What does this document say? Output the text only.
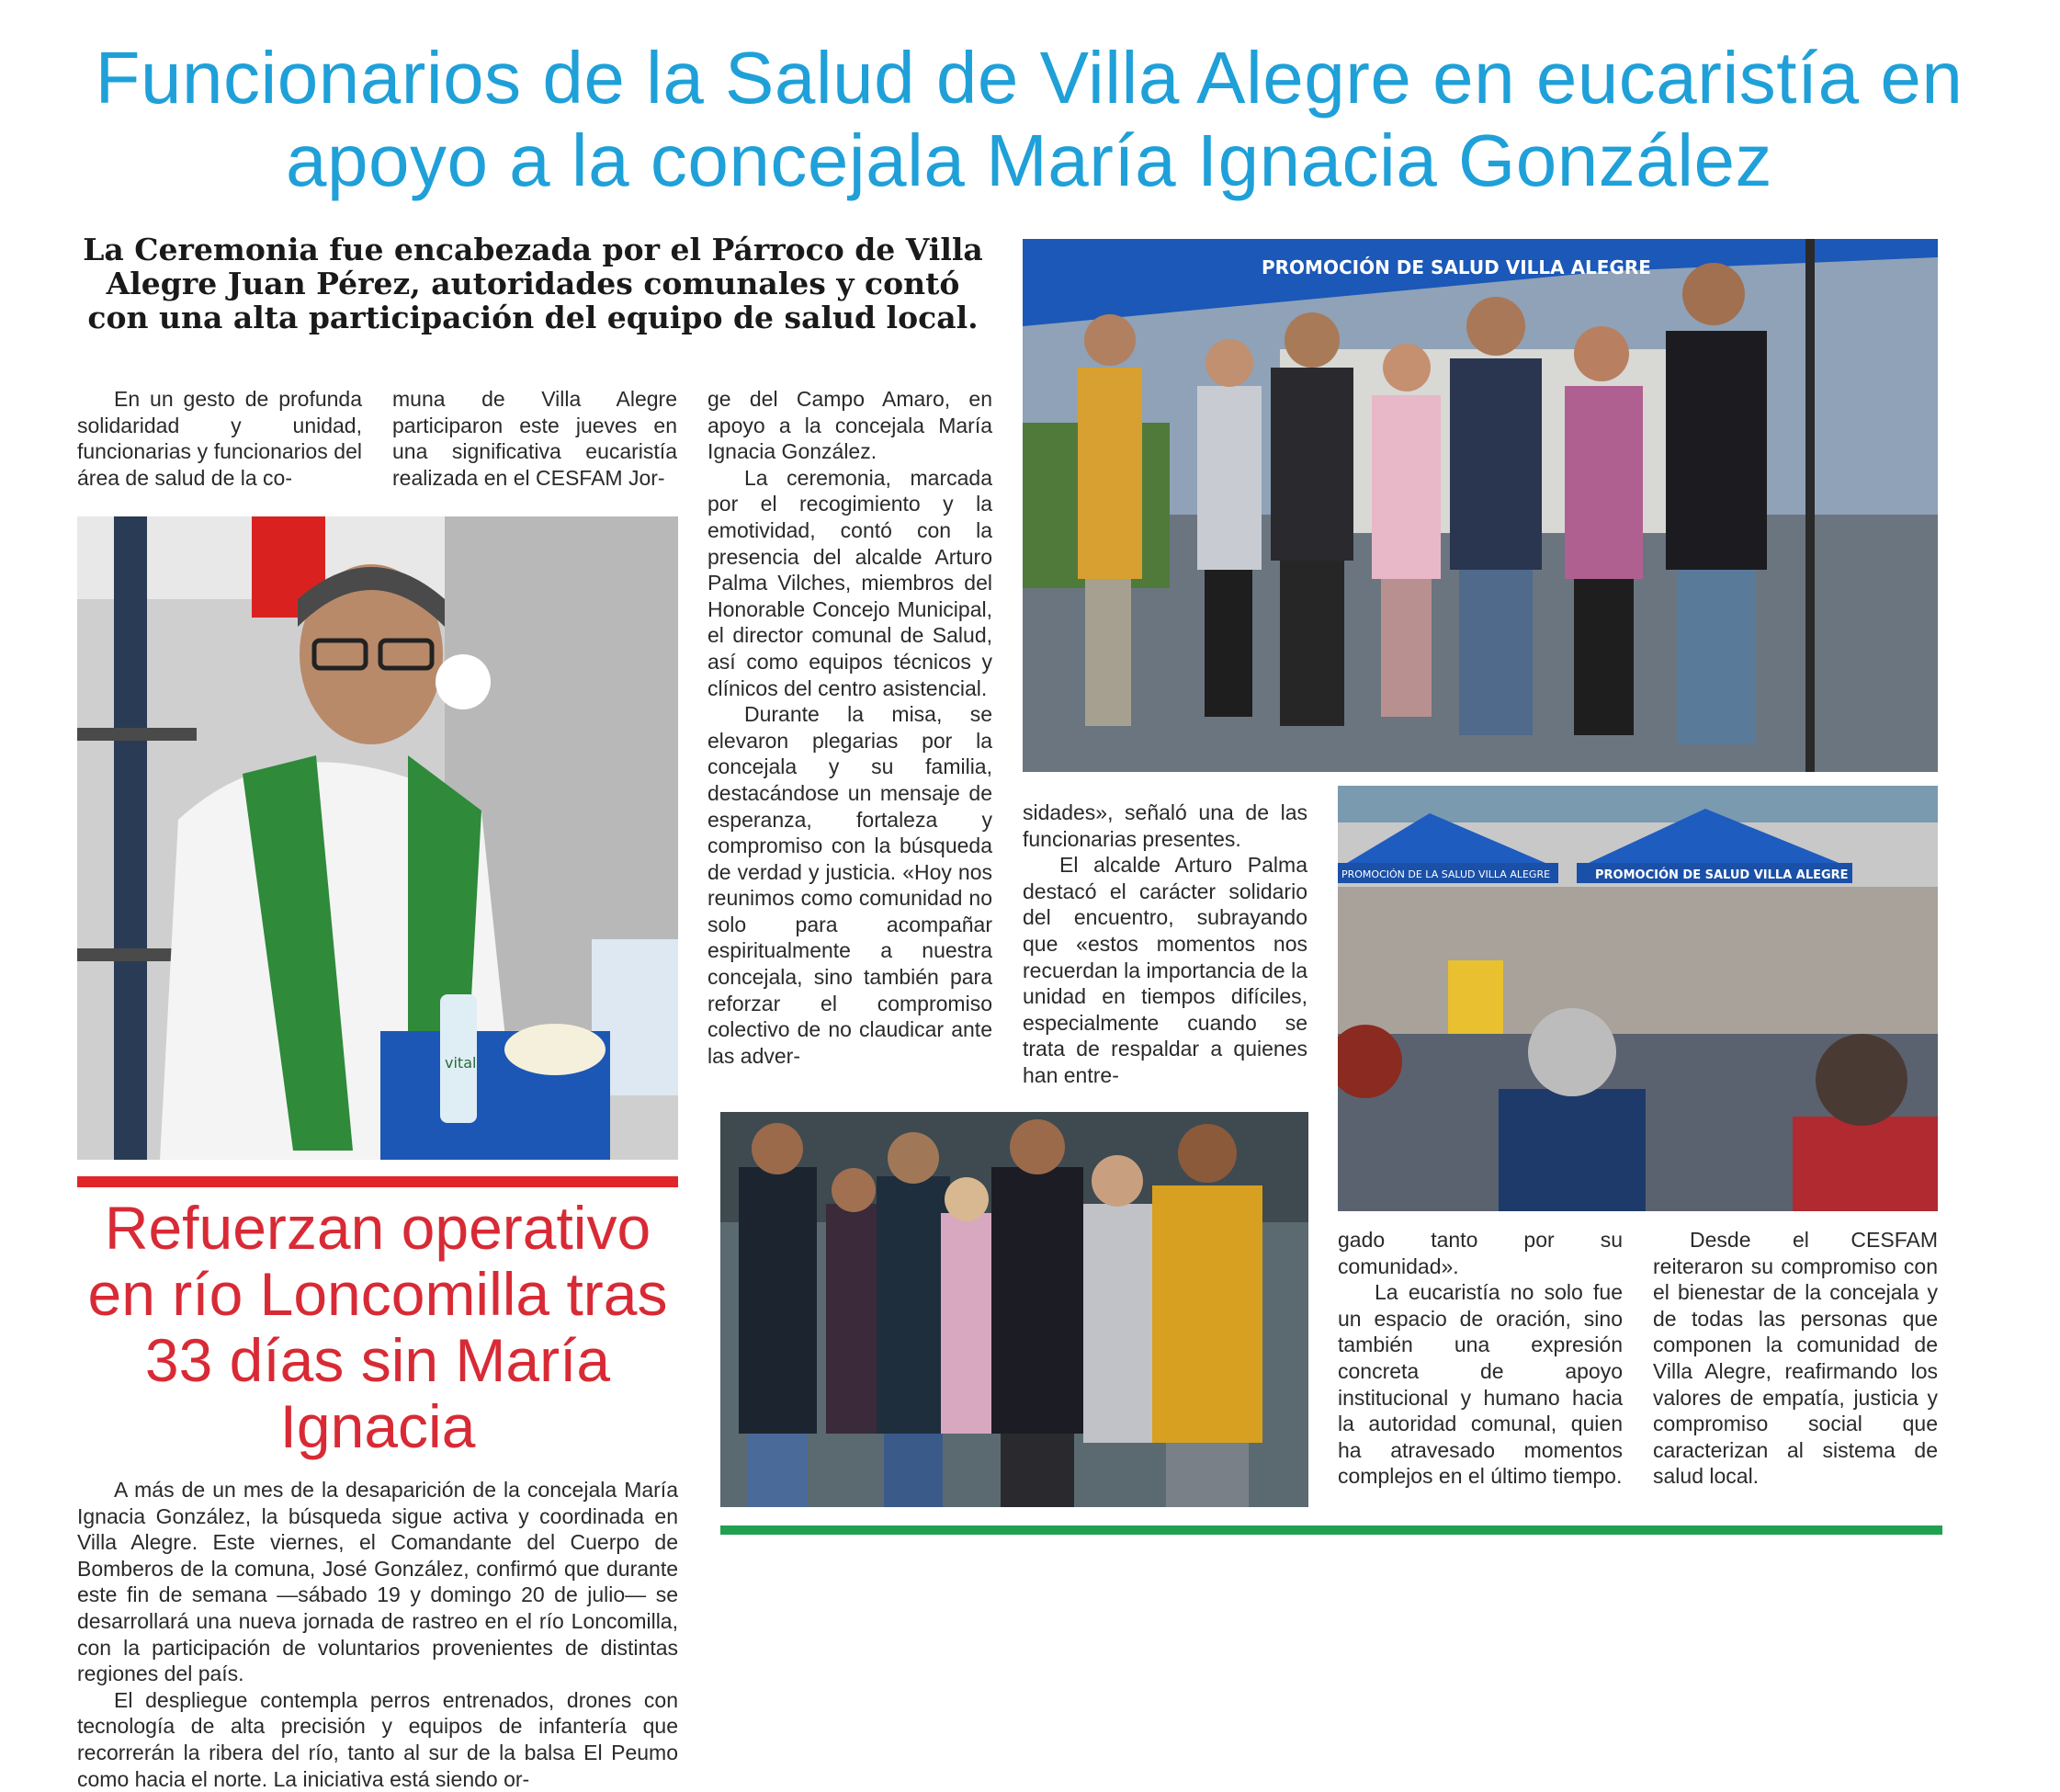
Funcionarios de la Salud de Villa Alegre en eucaristía en apoyo a la concejala María Ignacia González
La Ceremonia fue encabezada por el Párroco de Villa Alegre Juan Pérez, autoridades comunales y contó con una alta participación del equipo de salud local.

En un gesto de profunda solidaridad y unidad, funcionarias y funcionarios del área de salud de la co-

muna de Villa Alegre participaron este jueves en una significativa eucaristía realizada en el CESFAM Jor-

ge del Campo Amaro, en apoyo a la concejala María Ignacia González.

La ceremonia, marcada por el recogimiento y la emotividad, contó con la presencia del alcalde Arturo Palma Vilches, miembros del Honorable Concejo Municipal, el director comunal de Salud, así como equipos técnicos y clínicos del centro asistencial.

Durante la misa, se elevaron plegarias por la concejala y su familia, destacándose un mensaje de esperanza, fortaleza y compromiso con la búsqueda de verdad y justicia. «Hoy nos reunimos como comunidad no solo para acompañar espiritualmente a nuestra concejala, sino también para reforzar el compromiso colectivo de no claudicar ante las adver-

sidades», señaló una de las funcionarias presentes.

El alcalde Arturo Palma destacó el carácter solidario del encuentro, subrayando que «estos momentos nos recuerdan la importancia de la unidad en tiempos difíciles, especialmente cuando se trata de respaldar a quienes han entre-

gado tanto por su comunidad».

La eucaristía no solo fue un espacio de oración, sino también una expresión concreta de apoyo institucional y humano hacia la autoridad comunal, quien ha atravesado momentos complejos en el último tiempo.

Desde el CESFAM reiteraron su compromiso con el bienestar de la concejala y de todas las personas que componen la comunidad de Villa Alegre, reafirmando los valores de empatía, justicia y compromiso social que caracterizan al sistema de salud local.

vital
PROMOCIÓN DE SALUD VILLA ALEGRE
PROMOCIÓN DE LA SALUD VILLA ALEGRE	PROMOCIÓN DE SALUD VILLA ALEGRE
Refuerzan operativo en río Loncomilla tras 33 días sin María Ignacia

A más de un mes de la desaparición de la concejala María Ignacia González, la búsqueda sigue activa y coordinada en Villa Alegre. Este viernes, el Comandante del Cuerpo de Bomberos de la comuna, José González, confirmó que durante este fin de semana —sábado 19 y domingo 20 de julio— se desarrollará una nueva jornada de rastreo en el río Loncomilla, con la participación de voluntarios provenientes de distintas regiones del país.

El despliegue contempla perros entrenados, drones con tecnología de alta precisión y equipos de infantería que recorrerán la ribera del río, tanto al sur de la balsa El Peumo como hacia el norte. La iniciativa está siendo or-
